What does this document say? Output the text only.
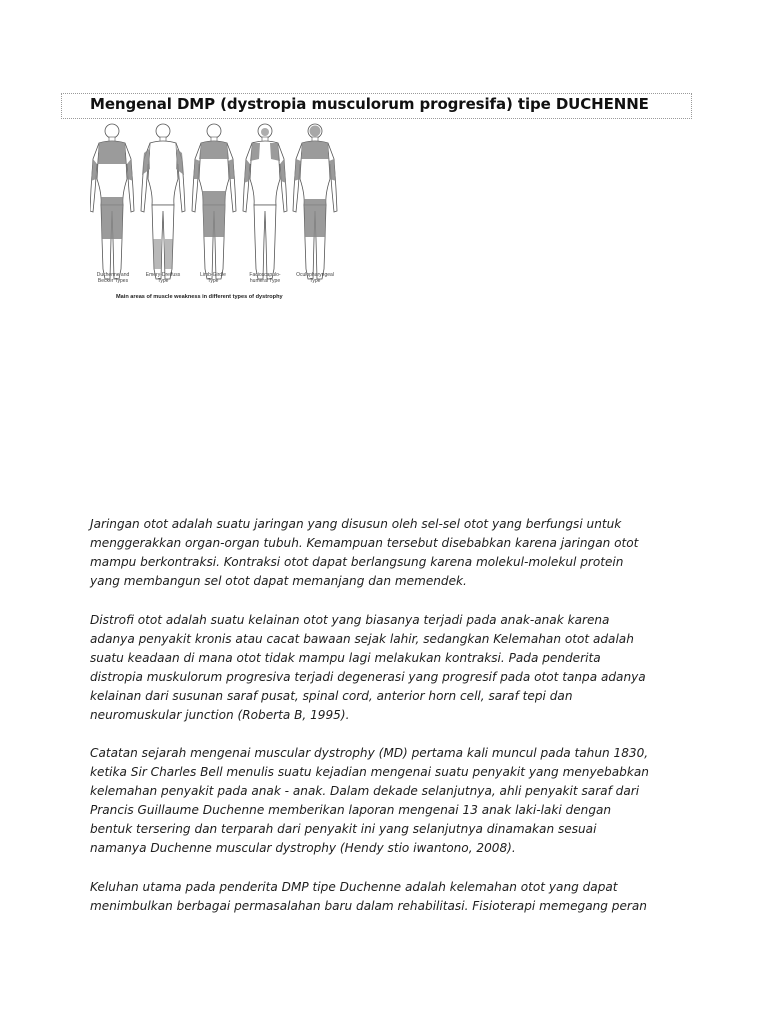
Mengenal DMP (dystropia musculorum progresifa) tipe DUCHENNE
Duchenne and
Becker Types
Emery-Dreifuss
Type
Limb-Girdle
Type
Facioscapulo-
humeral Type
Oculopharyngeal
Type
Main areas of muscle weakness in different types of dystrophy

Jaringan otot adalah suatu jaringan yang disusun oleh sel-sel otot yang berfungsi untuk

menggerakkan organ-organ tubuh. Kemampuan tersebut disebabkan karena jaringan otot

mampu berkontraksi. Kontraksi otot dapat berlangsung karena molekul-molekul protein

yang membangun sel otot dapat memanjang dan memendek.

Distrofi otot adalah suatu kelainan otot yang biasanya terjadi pada anak-anak karena

adanya penyakit kronis atau cacat bawaan sejak lahir, sedangkan Kelemahan otot adalah

suatu keadaan di mana otot tidak mampu lagi melakukan kontraksi. Pada penderita

distropia muskulorum progresiva terjadi degenerasi yang progresif pada otot tanpa adanya

kelainan dari susunan saraf pusat, spinal cord, anterior horn cell, saraf tepi dan

neuromuskular junction (Roberta B, 1995).

Catatan sejarah mengenai muscular dystrophy (MD) pertama kali muncul pada tahun 1830,

ketika Sir Charles Bell menulis suatu kejadian mengenai suatu penyakit yang menyebabkan

kelemahan penyakit pada anak - anak. Dalam dekade selanjutnya, ahli penyakit saraf dari

Prancis Guillaume Duchenne memberikan laporan mengenai 13 anak laki-laki dengan

bentuk tersering dan terparah dari penyakit ini yang selanjutnya dinamakan sesuai

namanya Duchenne muscular dystrophy (Hendy stio iwantono, 2008).

Keluhan utama pada penderita DMP tipe Duchenne adalah kelemahan otot yang dapat

menimbulkan berbagai permasalahan baru dalam rehabilitasi. Fisioterapi memegang peran
